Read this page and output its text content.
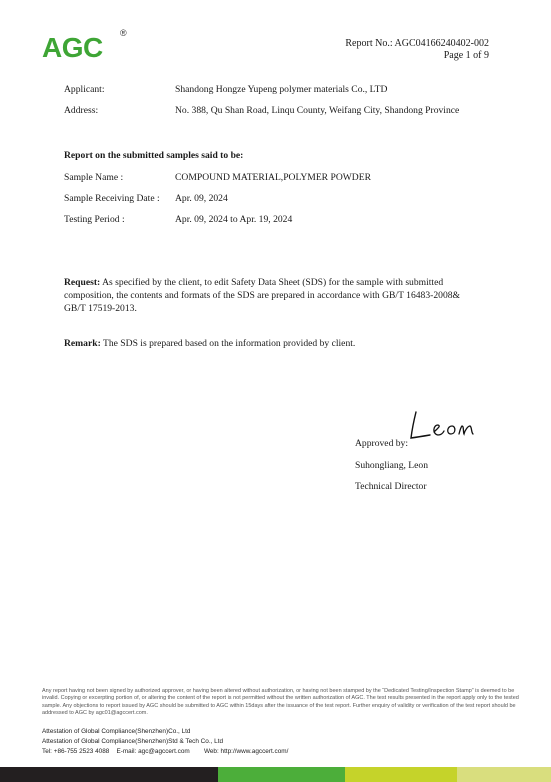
AGC ®
Report No.: AGC04166240402-002
Page 1 of 9
Applicant:	Shandong Hongze Yupeng polymer materials Co., LTD
Address:	No. 388, Qu Shan Road, Linqu County, Weifang City, Shandong Province
Report on the submitted samples said to be:
Sample Name :	COMPOUND MATERIAL,POLYMER POWDER
Sample Receiving Date : Apr. 09, 2024
Testing Period :	Apr. 09, 2024 to Apr. 19, 2024
Request: As specified by the client, to edit Safety Data Sheet (SDS) for the sample with submitted composition, the contents and formats of the SDS are prepared in accordance with GB/T 16483-2008& GB/T 17519-2013.
Remark: The SDS is prepared based on the information provided by client.
Approved by:
Suhongliang, Leon
Technical Director
Any report having not been signed by authorized approver, or having been altered without authorization, or having not been stamped by the “Dedicated Testing/Inspection Stamp” is deemed to be invalid. Copying or excerpting portion of, or altering the content of the report is not permitted without the written authorization of AGC. The test results presented in the report apply only to the tested sample. Any objections to report issued by AGC should be submitted to AGC within 15days after the issuance of the test report. Further enquiry of validity or verification of the test report should be addressed to AGC by agc01@agccert.com.
Attestation of Global Compliance(Shenzhen)Co., Ltd
Attestation of Global Compliance(Shenzhen)Std & Tech Co., Ltd
Tel: +86-755 2523 4088 E-mail: agc@agccert.com Web: http://www.agccert.com/
